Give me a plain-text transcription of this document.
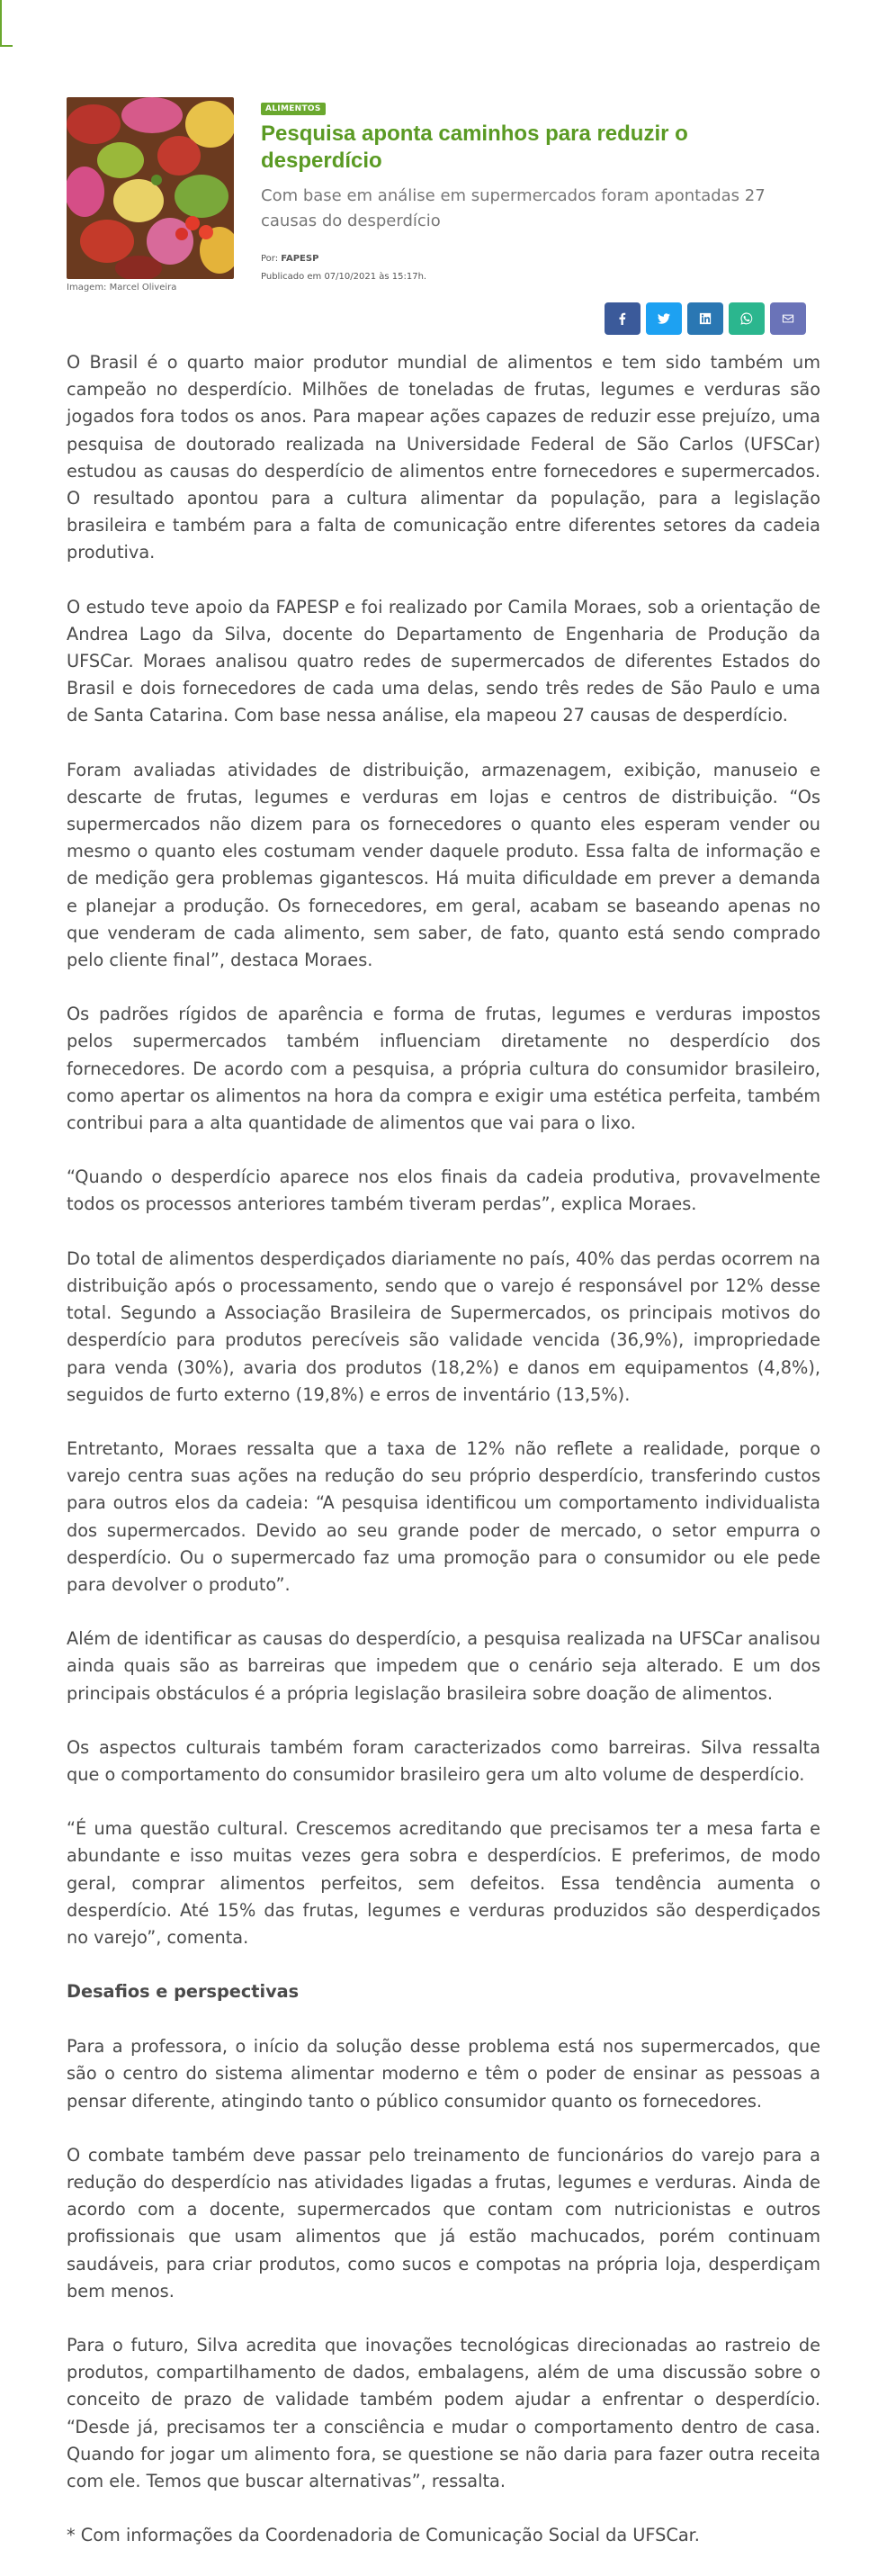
Imagem: Marcel Oliveira
ALIMENTOS
Pesquisa aponta caminhos para reduzir o desperdício

Com base em análise em supermercados foram apontadas 27 causas do desperdício

Por: FAPESP
Publicado em 07/10/2021 às 15:17h.

O Brasil é o quarto maior produtor mundial de alimentos e tem sido também um campeão no desperdício. Milhões de toneladas de frutas, legumes e verduras são jogados fora todos os anos. Para mapear ações capazes de reduzir esse prejuízo, uma pesquisa de doutorado realizada na Universidade Federal de São Carlos (UFSCar) estudou as causas do desperdício de alimentos entre fornecedores e supermercados. O resultado apontou para a cultura alimentar da população, para a legislação brasileira e também para a falta de comunicação entre diferentes setores da cadeia produtiva.

O estudo teve apoio da FAPESP e foi realizado por Camila Moraes, sob a orientação de Andrea Lago da Silva, docente do Departamento de Engenharia de Produção da UFSCar. Moraes analisou quatro redes de supermercados de diferentes Estados do Brasil e dois fornecedores de cada uma delas, sendo três redes de São Paulo e uma de Santa Catarina. Com base nessa análise, ela mapeou 27 causas de desperdício.

Foram avaliadas atividades de distribuição, armazenagem, exibição, manuseio e descarte de frutas, legumes e verduras em lojas e centros de distribuição. “Os supermercados não dizem para os fornecedores o quanto eles esperam vender ou mesmo o quanto eles costumam vender daquele produto. Essa falta de informação e de medição gera problemas gigantescos. Há muita dificuldade em prever a demanda e planejar a produção. Os fornecedores, em geral, acabam se baseando apenas no que venderam de cada alimento, sem saber, de fato, quanto está sendo comprado pelo cliente final”, destaca Moraes.

Os padrões rígidos de aparência e forma de frutas, legumes e verduras impostos pelos supermercados também influenciam diretamente no desperdício dos fornecedores. De acordo com a pesquisa, a própria cultura do consumidor brasileiro, como apertar os alimentos na hora da compra e exigir uma estética perfeita, também contribui para a alta quantidade de alimentos que vai para o lixo.

“Quando o desperdício aparece nos elos finais da cadeia produtiva, provavelmente todos os processos anteriores também tiveram perdas”, explica Moraes.

Do total de alimentos desperdiçados diariamente no país, 40% das perdas ocorrem na distribuição após o processamento, sendo que o varejo é responsável por 12% desse total. Segundo a Associação Brasileira de Supermercados, os principais motivos do desperdício para produtos perecíveis são validade vencida (36,9%), impropriedade para venda (30%), avaria dos produtos (18,2%) e danos em equipamentos (4,8%), seguidos de furto externo (19,8%) e erros de inventário (13,5%).

Entretanto, Moraes ressalta que a taxa de 12% não reflete a realidade, porque o varejo centra suas ações na redução do seu próprio desperdício, transferindo custos para outros elos da cadeia: “A pesquisa identificou um comportamento individualista dos supermercados. Devido ao seu grande poder de mercado, o setor empurra o desperdício. Ou o supermercado faz uma promoção para o consumidor ou ele pede para devolver o produto”.

Além de identificar as causas do desperdício, a pesquisa realizada na UFSCar analisou ainda quais são as barreiras que impedem que o cenário seja alterado. E um dos principais obstáculos é a própria legislação brasileira sobre doação de alimentos.

Os aspectos culturais também foram caracterizados como barreiras. Silva ressalta que o comportamento do consumidor brasileiro gera um alto volume de desperdício.

“É uma questão cultural. Crescemos acreditando que precisamos ter a mesa farta e abundante e isso muitas vezes gera sobra e desperdícios. E preferimos, de modo geral, comprar alimentos perfeitos, sem defeitos. Essa tendência aumenta o desperdício. Até 15% das frutas, legumes e verduras produzidos são desperdiçados no varejo”, comenta.

Desafios e perspectivas

Para a professora, o início da solução desse problema está nos supermercados, que são o centro do sistema alimentar moderno e têm o poder de ensinar as pessoas a pensar diferente, atingindo tanto o público consumidor quanto os fornecedores.

O combate também deve passar pelo treinamento de funcionários do varejo para a redução do desperdício nas atividades ligadas a frutas, legumes e verduras. Ainda de acordo com a docente, supermercados que contam com nutricionistas e outros profissionais que usam alimentos que já estão machucados, porém continuam saudáveis, para criar produtos, como sucos e compotas na própria loja, desperdiçam bem menos.

Para o futuro, Silva acredita que inovações tecnológicas direcionadas ao rastreio de produtos, compartilhamento de dados, embalagens, além de uma discussão sobre o conceito de prazo de validade também podem ajudar a enfrentar o desperdício. “Desde já, precisamos ter a consciência e mudar o comportamento dentro de casa. Quando for jogar um alimento fora, se questione se não daria para fazer outra receita com ele. Temos que buscar alternativas”, ressalta.

* Com informações da Coordenadoria de Comunicação Social da UFSCar.
